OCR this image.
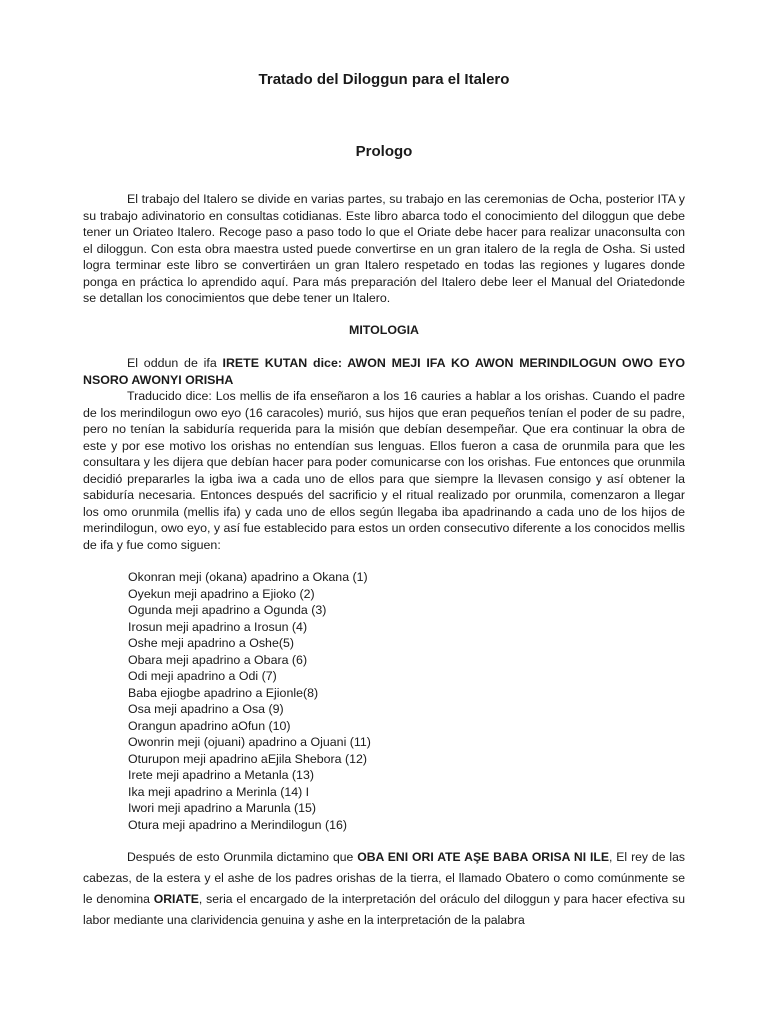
Tratado del Diloggun para el Italero
Prologo

El trabajo del Italero se divide en varias partes, su trabajo en las ceremonias de Ocha, posterior ITA y su trabajo adivinatorio en consultas cotidianas. Este libro abarca todo el conocimiento del diloggun que debe tener un Oriateo Italero. Recoge paso a paso todo lo que el Oriate debe hacer para realizar unaconsulta con el diloggun. Con esta obra maestra usted puede convertirse en un gran italero de la regla de Osha. Si usted logra terminar este libro se convertiráen un gran Italero respetado en todas las regiones y lugares donde ponga en práctica lo aprendido aquí. Para más preparación del Italero debe leer el Manual del Oriatedonde se detallan los conocimientos que debe tener un Italero.

MITOLOGIA

El oddun de ifa IRETE KUTAN dice: AWON MEJI IFA KO AWON MERINDILOGUN OWO EYO NSORO AWONYI ORISHA

Traducido dice: Los mellis de ifa enseñaron a los 16 cauries a hablar a los orishas. Cuando el padre de los merindilogun owo eyo (16 caracoles) murió, sus hijos que eran pequeños tenían el poder de su padre, pero no tenían la sabiduría requerida para la misión que debían desempeñar. Que era continuar la obra de este y por ese motivo los orishas no entendían sus lenguas. Ellos fueron a casa de orunmila para que les consultara y les dijera que debían hacer para poder comunicarse con los orishas. Fue entonces que orunmila decidió prepararles la igba iwa a cada uno de ellos para que siempre la llevasen consigo y así obtener la sabiduría necesaria. Entonces después del sacrificio y el ritual realizado por orunmila, comenzaron a llegar los omo orunmila (mellis ifa) y cada uno de ellos según llegaba iba apadrinando a cada uno de los hijos de merindilogun, owo eyo, y así fue establecido para estos un orden consecutivo diferente a los conocidos mellis de ifa y fue como siguen:

Okonran meji (okana) apadrino a Okana (1)
Oyekun meji apadrino a Ejioko (2)
Ogunda meji apadrino a Ogunda (3)
Irosun meji apadrino a Irosun (4)
Oshe meji apadrino a Oshe(5)
Obara meji apadrino a Obara (6)
Odi meji apadrino a Odi (7)
Baba ejiogbe apadrino a Ejionle(8)
Osa meji apadrino a Osa (9)
Orangun apadrino aOfun (10)
Owonrin meji (ojuani) apadrino a Ojuani (11)
Oturupon meji apadrino aEjila Shebora (12)
Irete meji apadrino a Metanla (13)
Ika meji apadrino a Merinla (14) I
Iwori meji apadrino a Marunla (15)
Otura meji apadrino a Merindilogun (16)

Después de esto Orunmila dictamino que OBA ENI ORI ATE AŞE BABA ORISA NI ILE, El rey de las cabezas, de la estera y el ashe de los padres orishas de la tierra, el llamado Obatero o como comúnmente se le denomina ORIATE, seria el encargado de la interpretación del oráculo del diloggun y para hacer efectiva su labor mediante una clarividencia genuina y ashe en la interpretación de la palabra
